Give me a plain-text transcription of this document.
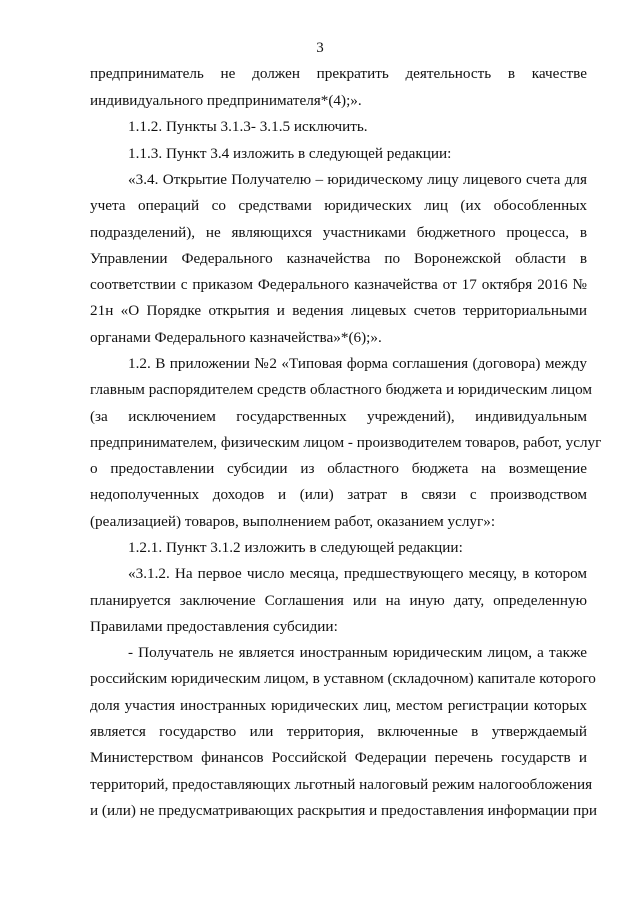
3
предприниматель не должен прекратить деятельность в качестве
индивидуального предпринимателя*(4);».
1.1.2. Пункты 3.1.3- 3.1.5 исключить.
1.1.3. Пункт 3.4 изложить в следующей редакции:
«3.4. Открытие Получателю – юридическому лицу лицевого счета для
учета операций со средствами юридических лиц (их обособленных
подразделений), не являющихся участниками бюджетного процесса, в
Управлении Федерального казначейства по Воронежской области в
соответствии с приказом Федерального казначейства от 17 октября 2016 №
21н «О Порядке открытия и ведения лицевых счетов территориальными
органами Федерального казначейства»*(6);».
1.2. В приложении №2 «Типовая форма соглашения (договора) между
главным распорядителем средств областного бюджета и юридическим лицом
(за исключением государственных учреждений), индивидуальным
предпринимателем, физическим лицом - производителем товаров, работ, услуг
о предоставлении субсидии из областного бюджета на возмещение
недополученных доходов и (или) затрат в связи с производством
(реализацией) товаров, выполнением работ, оказанием услуг»:
1.2.1. Пункт 3.1.2 изложить в следующей редакции:
«3.1.2. На первое число месяца, предшествующего месяцу, в котором
планируется заключение Соглашения или на иную дату, определенную
Правилами предоставления субсидии:
- Получатель не является иностранным юридическим лицом, а также
российским юридическим лицом, в уставном (складочном) капитале которого
доля участия иностранных юридических лиц, местом регистрации которых
является государство или территория, включенные в утверждаемый
Министерством финансов Российской Федерации перечень государств и
территорий, предоставляющих льготный налоговый режим налогообложения
и (или) не предусматривающих раскрытия и предоставления информации при
